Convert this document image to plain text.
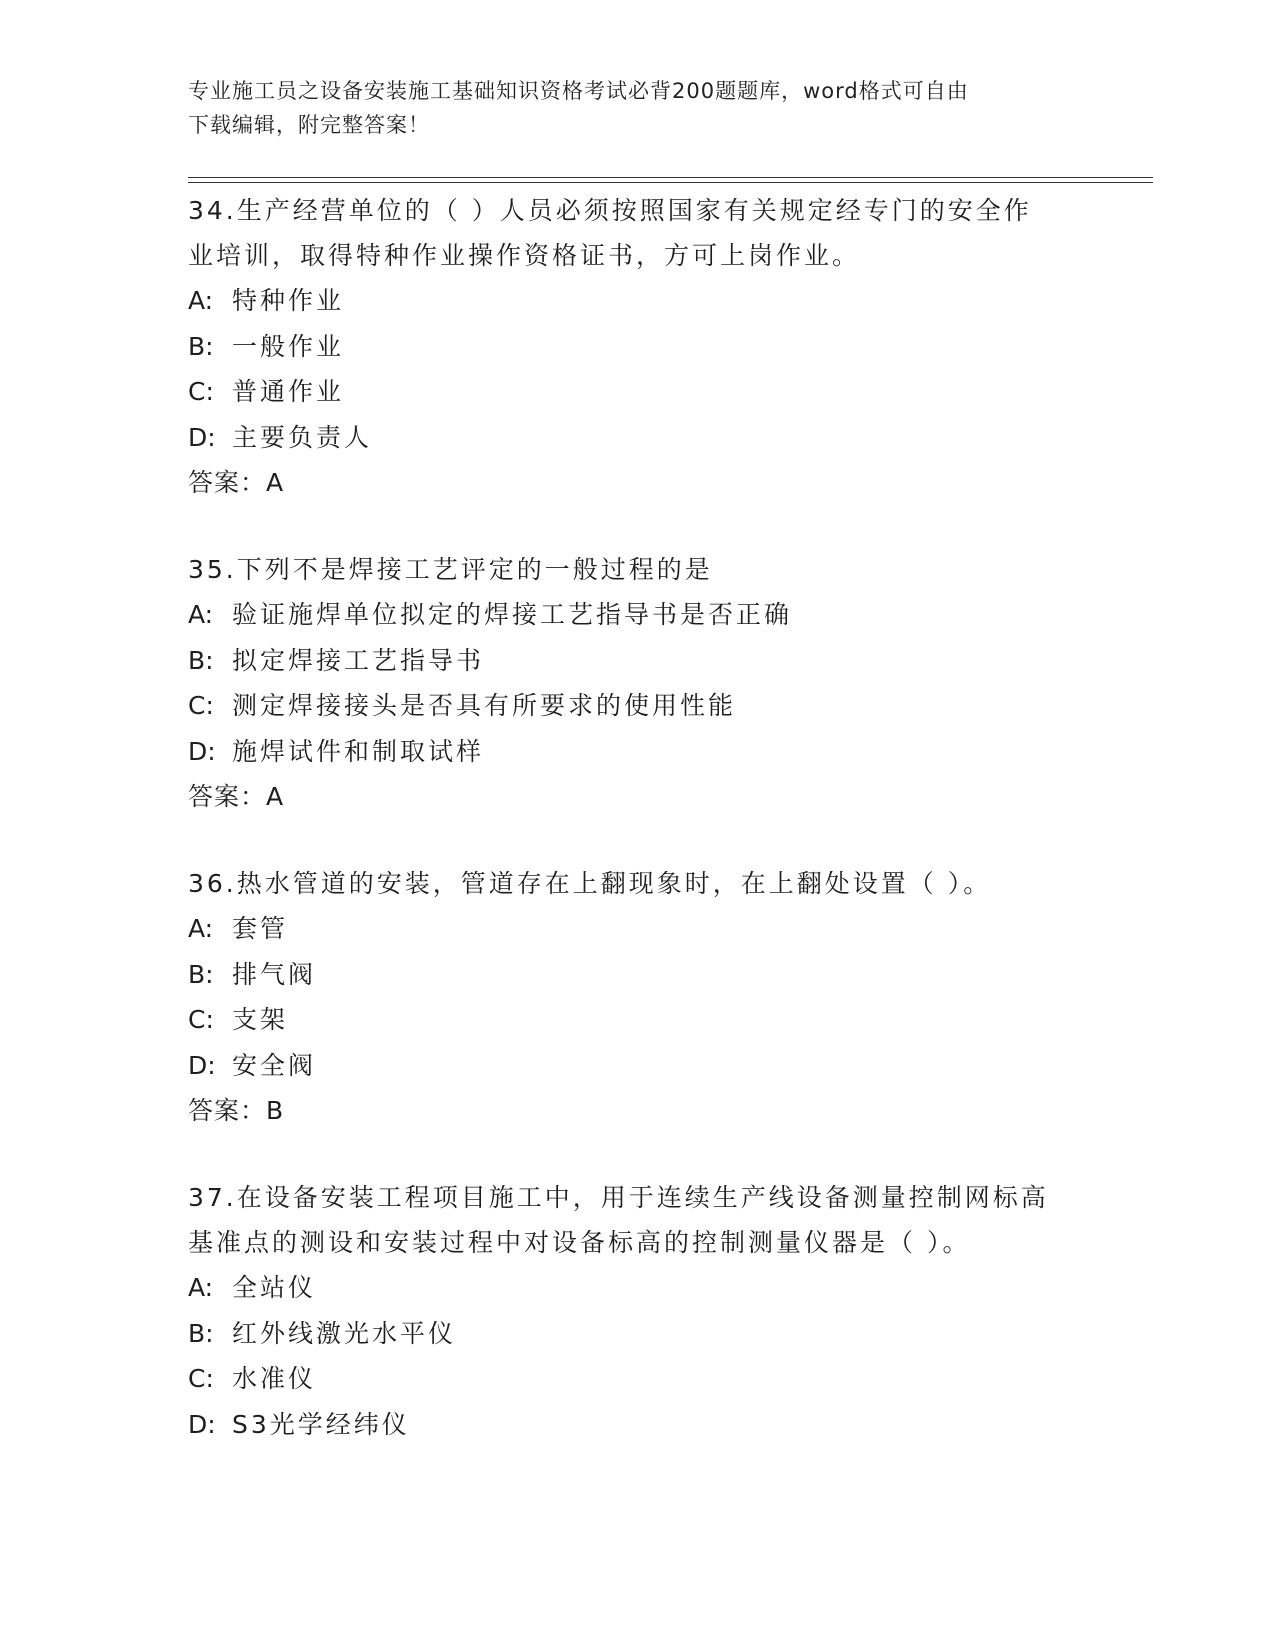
专业施工员之设备安装施工基础知识资格考试必背200题题库，word格式可自由
下载编辑，附完整答案！

34.生产经营单位的（ ）人员必须按照国家有关规定经专门的安全作

业培训，取得特种作业操作资格证书，方可上岗作业。

A: 特种作业

B: 一般作业

C: 普通作业

D: 主要负责人

答案：A

35.下列不是焊接工艺评定的一般过程的是

A: 验证施焊单位拟定的焊接工艺指导书是否正确

B: 拟定焊接工艺指导书

C: 测定焊接接头是否具有所要求的使用性能

D: 施焊试件和制取试样

答案：A

36.热水管道的安装，管道存在上翻现象时，在上翻处设置（ ）。

A: 套管

B: 排气阀

C: 支架

D: 安全阀

答案：B

37.在设备安装工程项目施工中，用于连续生产线设备测量控制网标高

基准点的测设和安装过程中对设备标高的控制测量仪器是（ ）。

A: 全站仪

B: 红外线激光水平仪

C: 水准仪

D: S3光学经纬仪
